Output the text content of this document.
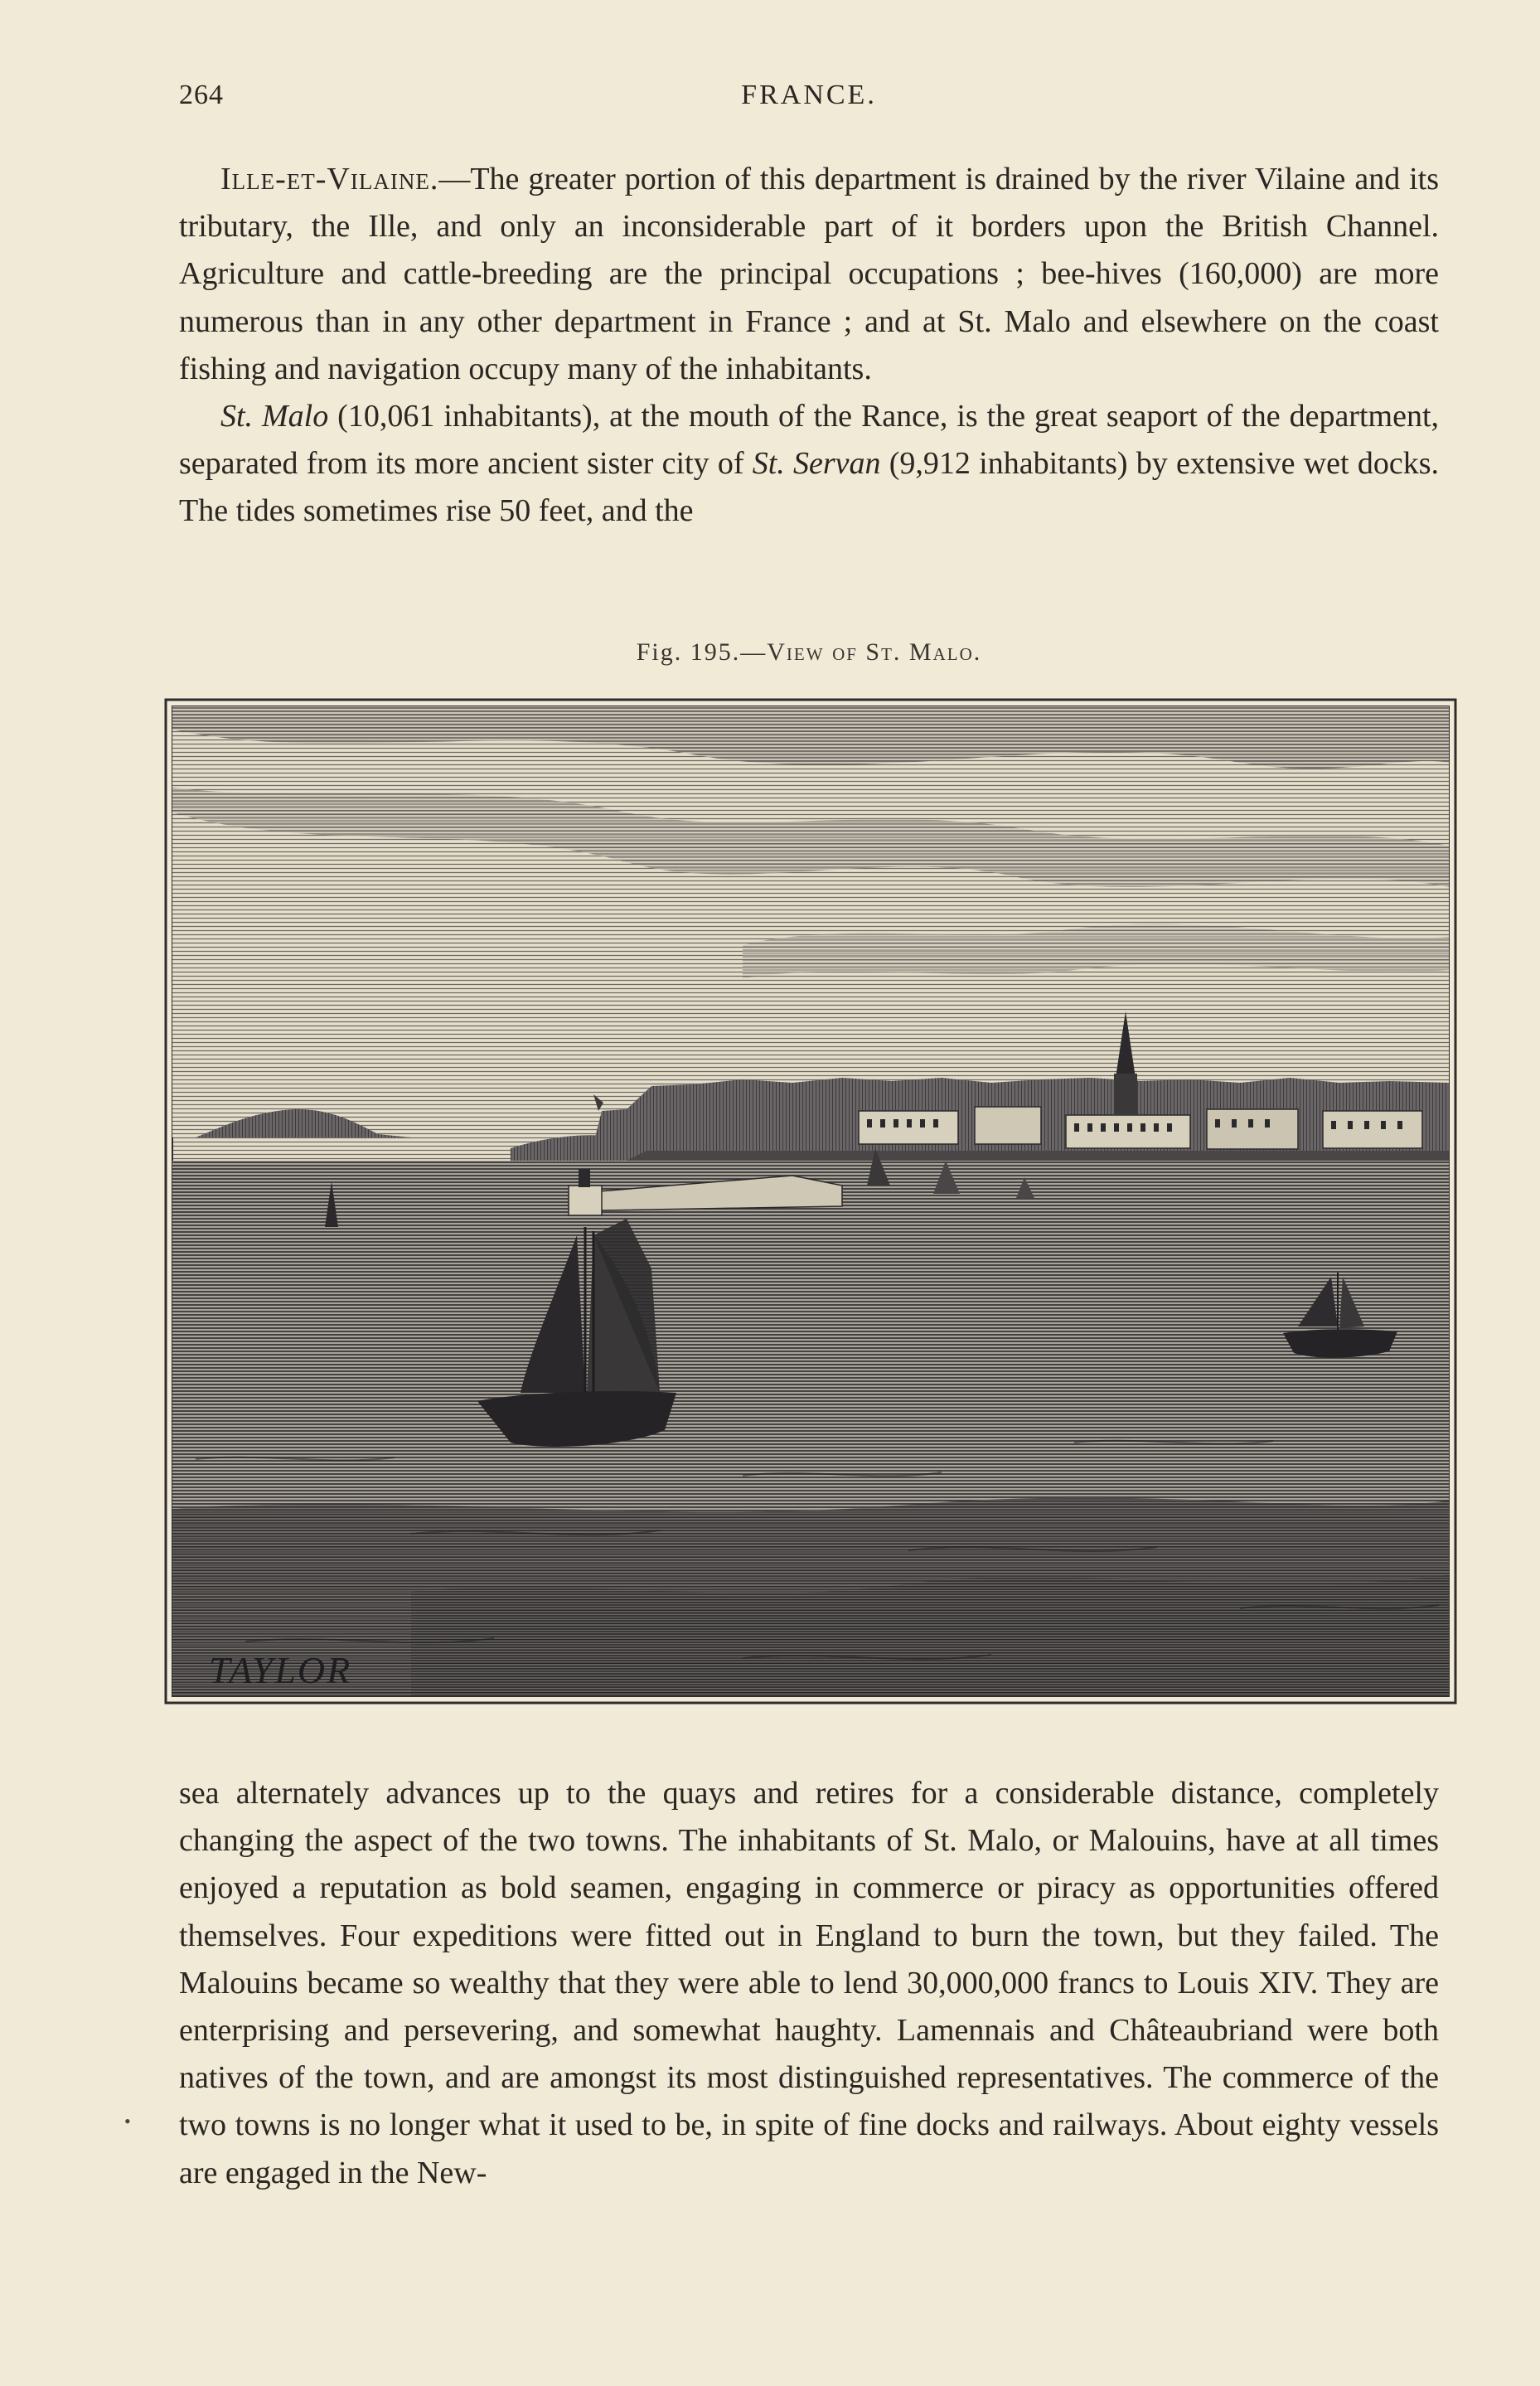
264	FRANCE.

Ille-et-Vilaine.—The greater portion of this department is drained by the river Vilaine and its tributary, the Ille, and only an inconsiderable part of it borders upon the British Channel. Agriculture and cattle-breeding are the principal occupations ; bee-hives (160,000) are more numerous than in any other department in France ; and at St. Malo and elsewhere on the coast fishing and navigation occupy many of the inhabitants.

St. Malo (10,061 inhabitants), at the mouth of the Rance, is the great seaport of the department, separated from its more ancient sister city of St. Servan (9,912 inhabitants) by extensive wet docks. The tides sometimes rise 50 feet, and the

Fig. 195.—View of St. Malo.
TAYLOR

sea alternately advances up to the quays and retires for a considerable distance, completely changing the aspect of the two towns. The inhabitants of St. Malo, or Malouins, have at all times enjoyed a reputation as bold seamen, engaging in commerce or piracy as opportunities offered themselves. Four expeditions were fitted out in England to burn the town, but they failed. The Malouins became so wealthy that they were able to lend 30,000,000 francs to Louis XIV. They are enterprising and persevering, and somewhat haughty. Lamennais and Châteaubriand were both natives of the town, and are amongst its most distinguished representatives. The commerce of the two towns is no longer what it used to be, in spite of fine docks and railways. About eighty vessels are engaged in the New-

•
